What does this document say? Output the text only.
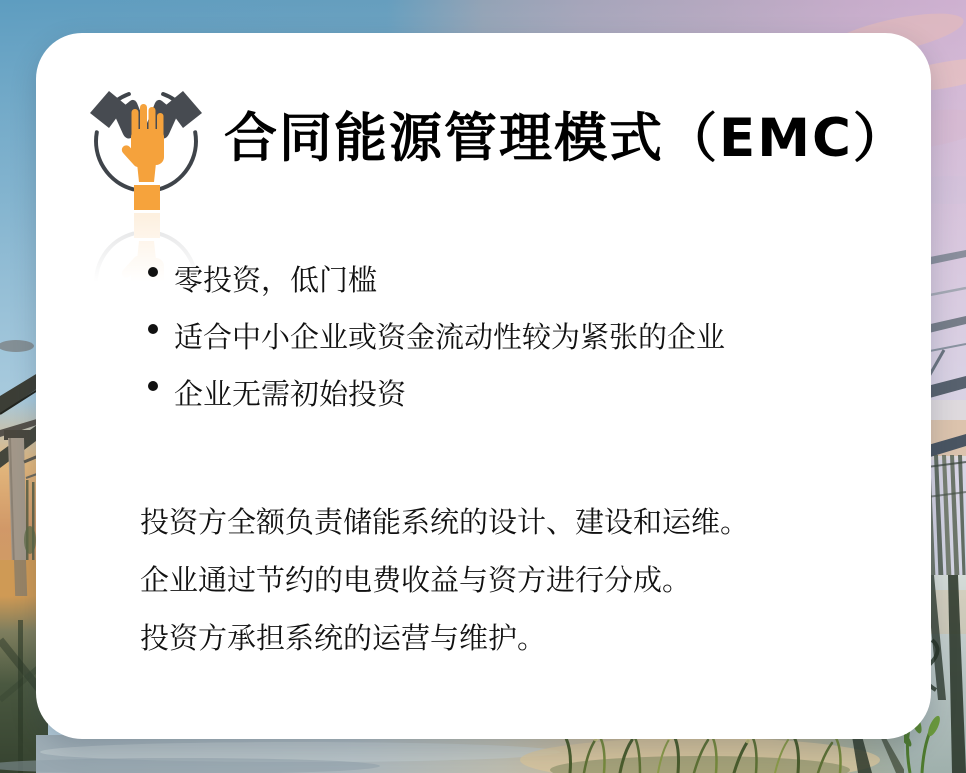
合同能源管理模式（EMC）
零投资，低门槛
适合中小企业或资金流动性较为紧张的企业
企业无需初始投资

投资方全额负责储能系统的设计、建设和运维。

企业通过节约的电费收益与资方进行分成。

投资方承担系统的运营与维护。
